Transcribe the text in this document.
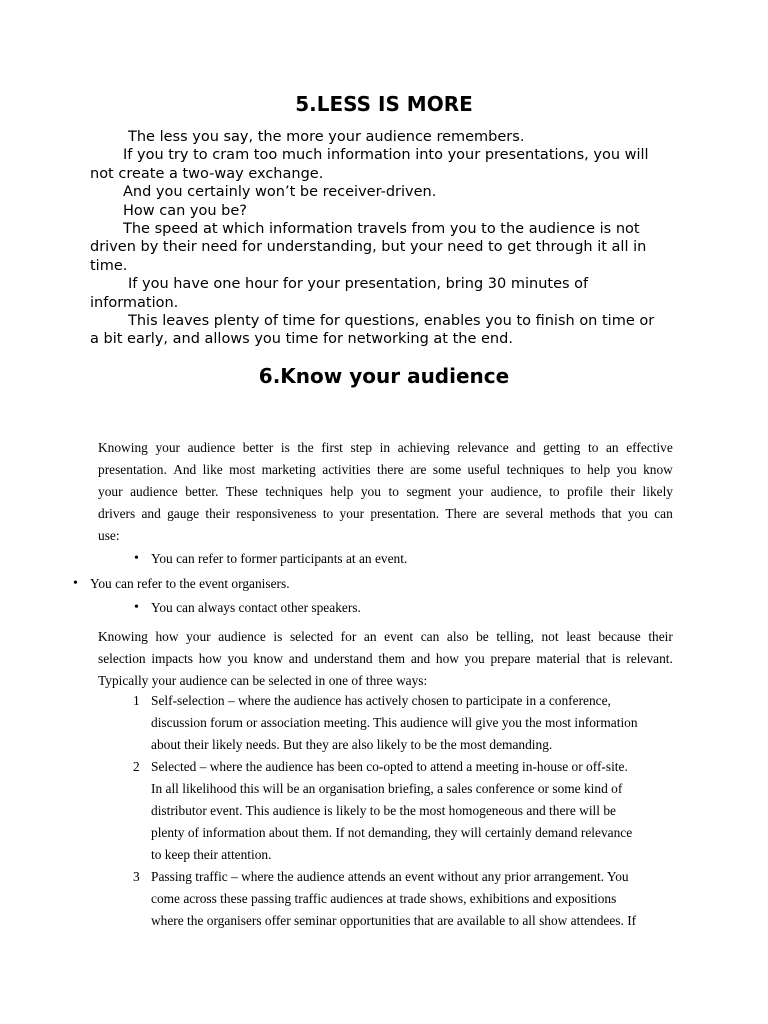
5.LESS IS MORE
The less you say, the more your audience remembers.
If you try to cram too much information into your presentations, you will
not create a two-way exchange.
And you certainly won’t be receiver-driven.
How can you be?
The speed at which information travels from you to the audience is not
driven by their need for understanding, but your need to get through it all in
time.
If you have one hour for your presentation, bring 30 minutes of
information.
This leaves plenty of time for questions, enables you to finish on time or
a bit early, and allows you time for networking at the end.
6.Know your audience
Knowing your audience better is the first step in achieving relevance and getting to an effective
presentation. And like most marketing activities there are some useful techniques to help you know
your audience better. These techniques help you to segment your audience, to profile their likely
drivers and gauge their responsiveness to your presentation. There are several methods that you can
use:
• You can refer to former participants at an event.
• You can refer to the event organisers.
• You can always contact other speakers.
Knowing how your audience is selected for an event can also be telling, not least because their
selection impacts how you know and understand them and how you prepare material that is relevant.
Typically your audience can be selected in one of three ways:
1 Self-selection – where the audience has actively chosen to participate in a conference,
discussion forum or association meeting. This audience will give you the most information
about their likely needs. But they are also likely to be the most demanding.
2 Selected – where the audience has been co-opted to attend a meeting in-house or off-site.
In all likelihood this will be an organisation briefing, a sales conference or some kind of
distributor event. This audience is likely to be the most homogeneous and there will be
plenty of information about them. If not demanding, they will certainly demand relevance
to keep their attention.
3 Passing traffic – where the audience attends an event without any prior arrangement. You
come across these passing traffic audiences at trade shows, exhibitions and expositions
where the organisers offer seminar opportunities that are available to all show attendees. If
